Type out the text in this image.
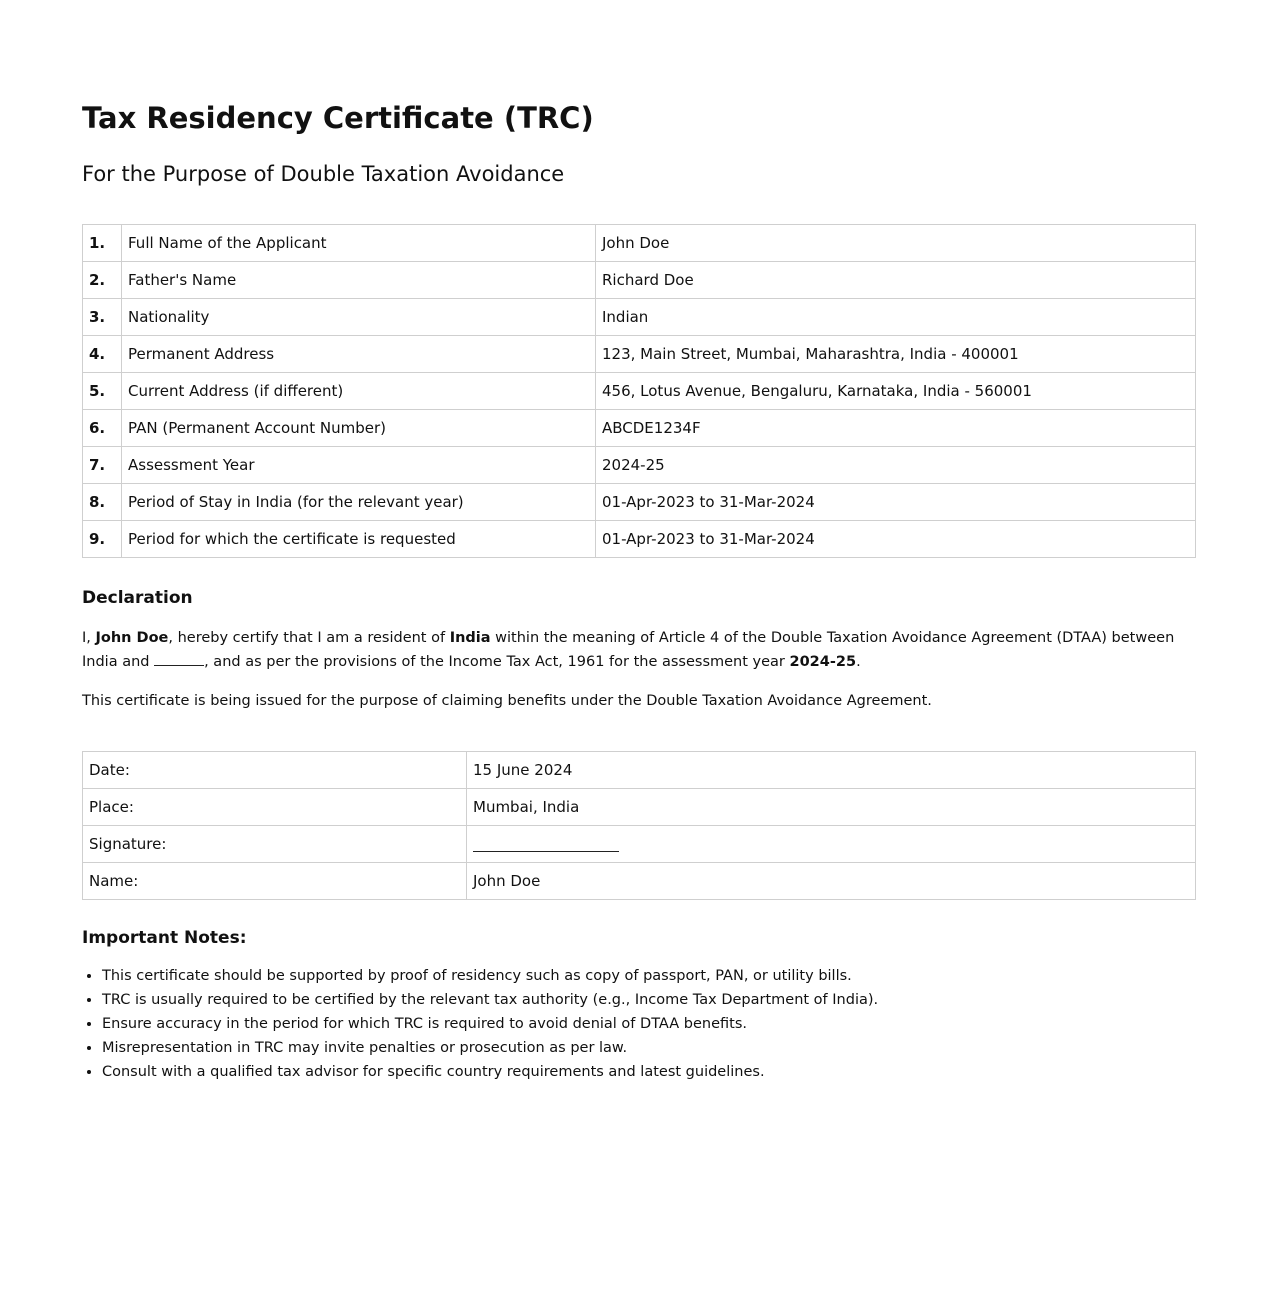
Tax Residency Certificate (TRC)
For the Purpose of Double Taxation Avoidance
1.	Full Name of the Applicant	John Doe
2.	Father's Name	Richard Doe
3.	Nationality	Indian
4.	Permanent Address	123, Main Street, Mumbai, Maharashtra, India - 400001
5.	Current Address (if different)	456, Lotus Avenue, Bengaluru, Karnataka, India - 560001
6.	PAN (Permanent Account Number)	ABCDE1234F
7.	Assessment Year	2024-25
8.	Period of Stay in India (for the relevant year)	01-Apr-2023 to 31-Mar-2024
9.	Period for which the certificate is requested	01-Apr-2023 to 31-Mar-2024
Declaration

I, John Doe, hereby certify that I am a resident of India within the meaning of Article 4 of the Double Taxation Avoidance Agreement (DTAA) between India and	, and as per the provisions of the Income Tax Act, 1961 for the assessment year 2024-25.

This certificate is being issued for the purpose of claiming benefits under the Double Taxation Avoidance Agreement.

Date:	15 June 2024
Place:	Mumbai, India
Signature:	
Name:	John Doe
Important Notes:
• This certificate should be supported by proof of residency such as copy of passport, PAN, or utility bills.
• TRC is usually required to be certified by the relevant tax authority (e.g., Income Tax Department of India).
• Ensure accuracy in the period for which TRC is required to avoid denial of DTAA benefits.
• Misrepresentation in TRC may invite penalties or prosecution as per law.
• Consult with a qualified tax advisor for specific country requirements and latest guidelines.
